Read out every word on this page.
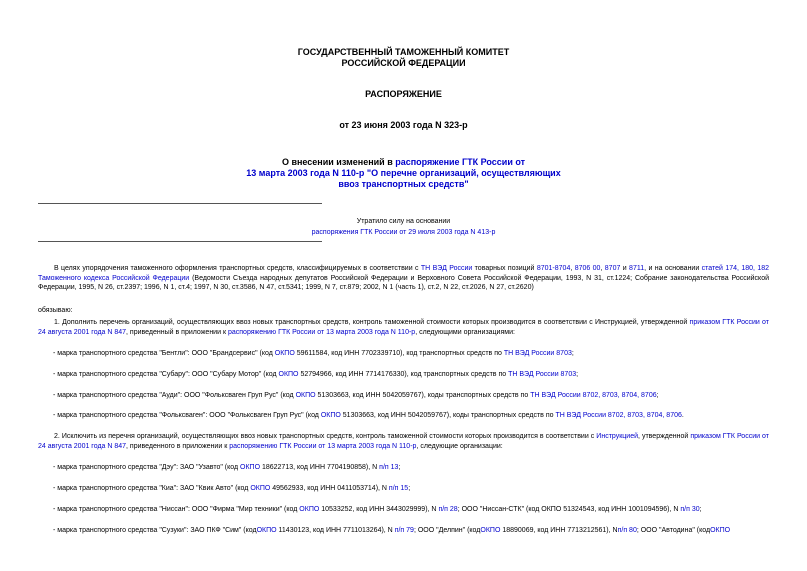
ГОСУДАРСТВЕННЫЙ ТАМОЖЕННЫЙ КОМИТЕТ
РОССИЙСКОЙ ФЕДЕРАЦИИ
РАСПОРЯЖЕНИЕ
от 23 июня 2003 года N 323-р
О внесении изменений в распоряжение ГТК России от
13 марта 2003 года N 110-р "О перечне организаций, осуществляющих
ввоз транспортных средств"
Утратило силу на основании
распоряжения ГТК России от 29 июля 2003 года N 413-р
В целях упорядочения таможенного оформления транспортных средств, классифицируемых в соответствии с ТН ВЭД России товарных позиций 8701-8704, 8706 00, 8707 и 8711, и на основании статей 174, 180, 182 Таможенного кодекса Российской Федерации (Ведомости Съезда народных депутатов Российской Федерации и Верховного Совета Российской Федерации, 1993, N 31, ст.1224; Собрание законодательства Российской Федерации, 1995, N 26, ст.2397; 1996, N 1, ст.4; 1997, N 30, ст.3586, N 47, ст.5341; 1999, N 7, ст.879; 2002, N 1 (часть 1), ст.2, N 22, ст.2026, N 27, ст.2620)
обязываю:
1. Дополнить перечень организаций, осуществляющих ввоз новых транспортных средств, контроль таможенной стоимости которых производится в соответствии с Инструкцией, утвержденной приказом ГТК России от 24 августа 2001 года N 847, приведенный в приложении к распоряжению ГТК России от 13 марта 2003 года N 110-р, следующими организациями:
- марка транспортного средства "Бентли": ООО "Брандсервис" (код ОКПО 59611584, код ИНН 7702339710), код транспортных средств по ТН ВЭД России 8703;
- марка транспортного средства "Субару": ООО "Субару Мотор" (код ОКПО 52794966, код ИНН 7714176330), код транспортных средств по ТН ВЭД России 8703;
- марка транспортного средства "Ауди": ООО "Фольксваген Груп Рус" (код ОКПО 51303663, код ИНН 5042059767), коды транспортных средств по ТН ВЭД России 8702, 8703, 8704, 8706;
- марка транспортного средства "Фольксваген": ООО "Фольксваген Груп Рус" (код ОКПО 51303663, код ИНН 5042059767), коды транспортных средств по ТН ВЭД России 8702, 8703, 8704, 8706.
2. Исключить из перечня организаций, осуществляющих ввоз новых транспортных средств, контроль таможенной стоимости которых производится в соответствии с Инструкцией, утвержденной приказом ГТК России от 24 августа 2001 года N 847, приведенного в приложении к распоряжению ГТК России от 13 марта 2003 года N 110-р, следующие организации:
- марка транспортного средства "Дэу": ЗАО "Узавто" (код ОКПО 18622713, код ИНН 7704190858), N п/п 13;
- марка транспортного средства "Киа": ЗАО "Квик Авто" (код ОКПО 49562933, код ИНН 0411053714), N п/п 15;
- марка транспортного средства "Ниссан": ООО "Фирма "Мир техники" (код ОКПО 10533252, код ИНН 3443029999), N п/п 28; ООО "Ниссан-СТК" (код ОКПО 51324543, код ИНН 1001094596), N п/п 30;
- марка транспортного средства "Сузуки": ЗАО ПКФ "Сим" (кодОКПО 11430123, код ИНН 7711013264), N п/п 79; ООО "Делпин" (кодОКПО 18890069, код ИНН 7713212561), Nп/п 80; ООО "Автодина" (кодОКПО
